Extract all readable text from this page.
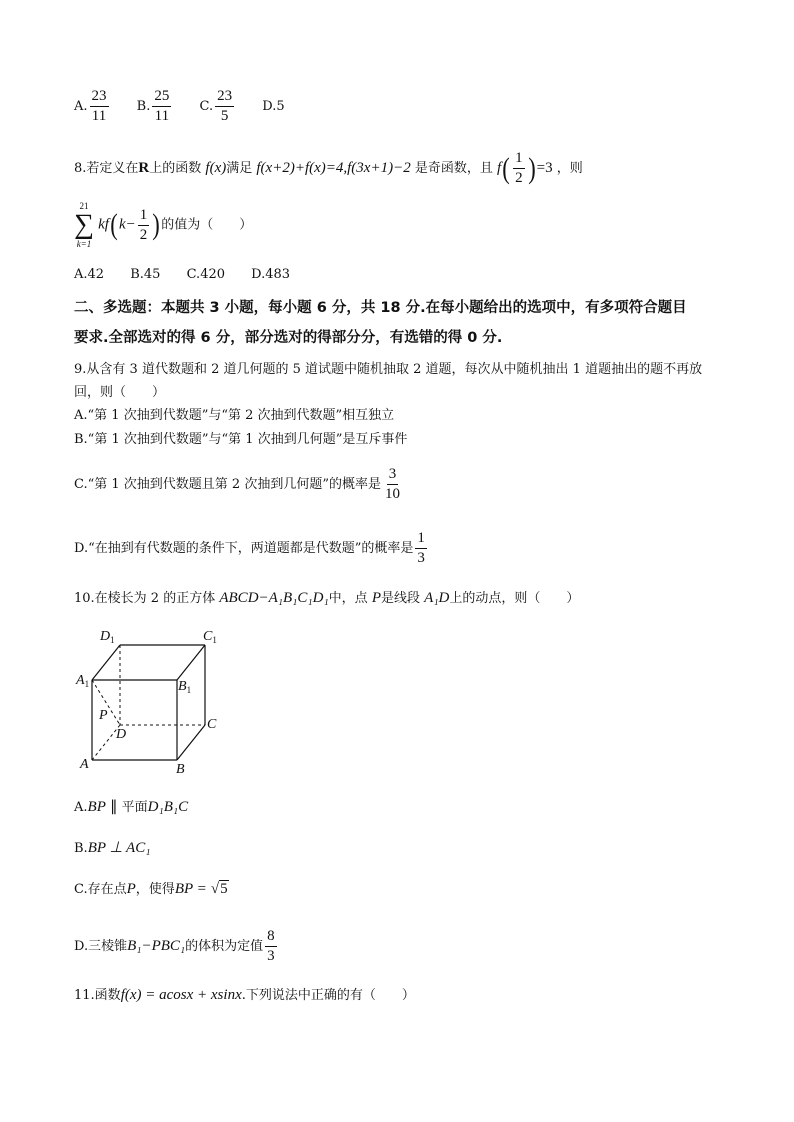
A. $\frac{23}{11} B$. $\frac{25}{11} C$. $\frac{23}{5} D.5$
8.若定义在R上的函数 f(x)满足 f(x+2)+f(x)=4,f(3x+1)−2 是奇函数，且 $f( \frac{1}{2} )=3$ ，则
21
∑
k=1
$kf(k- \frac{1}{2}$ )的值为（　　）
A.42 B.45 C.420 D.483
二、多选题：本题共 3 小题，每小题 6 分，共 18 分.在每小题给出的选项中，有多项符合题目
要求.全部选对的得 6 分，部分选对的得部分分，有选错的得 0 分.
9.从含有 3 道代数题和 2 道几何题的 5 道试题中随机抽取 2 道题，每次从中随机抽出 1 道题抽出的题不再放
回，则（　　）
A.“第 1 次抽到代数题”与“第 2 次抽到代数题”相互独立
B.“第 1 次抽到代数题”与“第 1 次抽到几何题”是互斥事件
C.“第 1 次抽到代数题且第 2 次抽到几何题”的概率是 $\frac{3}{10}$
D.“在抽到有代数题的条件下，两道题都是代数题”的概率是 $\frac{1}{3}$
10.在棱长为 2 的正方体 ABCD−A₁B₁C₁D₁中，点 P是线段 A₁D上的动点，则（　　）
$D_1$	$C_1$
$A_1$	$B_1$
P
D
C
A	B
A.BP ∥ 平面D₁B₁C
B.BP ⊥ AC₁
C.存在点P，使得BP = √5
D.三棱锥B₁−PBC₁的体积为定值 $\frac{8}{3}$
11.函数f(x) = acosx + xsinx.下列说法中正确的有（　　）
